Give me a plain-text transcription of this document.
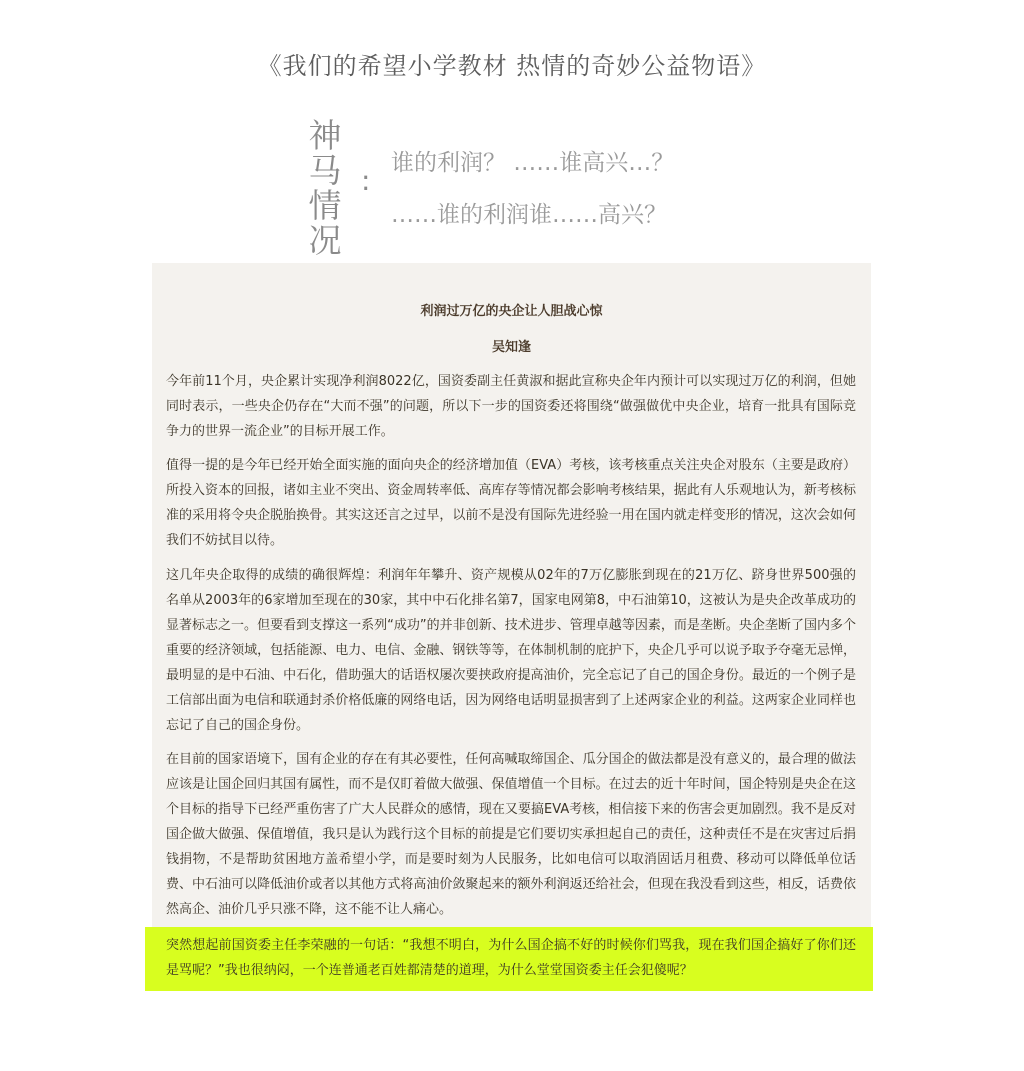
《我们的希望小学教材 热情的奇妙公益物语》
神
马
情
况
:
谁的利润？ ……谁高兴…？
……谁的利润谁……高兴？
利润过万亿的央企让人胆战心惊
吴知逢

今年前11个月，央企累计实现净利润8022亿，国资委副主任黄淑和据此宣称央企年内预计可以实现过万亿的利润，但她同时表示，一些央企仍存在“大而不强”的问题，所以下一步的国资委还将围绕“做强做优中央企业，培育一批具有国际竞争力的世界一流企业”的目标开展工作。

值得一提的是今年已经开始全面实施的面向央企的经济增加值（EVA）考核，该考核重点关注央企对股东（主要是政府）所投入资本的回报，诸如主业不突出、资金周转率低、高库存等情况都会影响考核结果，据此有人乐观地认为，新考核标准的采用将令央企脱胎换骨。其实这还言之过早，以前不是没有国际先进经验一用在国内就走样变形的情况，这次会如何我们不妨拭目以待。

这几年央企取得的成绩的确很辉煌：利润年年攀升、资产规模从02年的7万亿膨胀到现在的21万亿、跻身世界500强的名单从2003年的6家增加至现在的30家，其中中石化排名第7，国家电网第8，中石油第10，这被认为是央企改革成功的显著标志之一。但要看到支撑这一系列“成功”的并非创新、技术进步、管理卓越等因素，而是垄断。央企垄断了国内多个重要的经济领域，包括能源、电力、电信、金融、钢铁等等，在体制机制的庇护下，央企几乎可以说予取予夺毫无忌惮，最明显的是中石油、中石化，借助强大的话语权屡次要挟政府提高油价，完全忘记了自己的国企身份。最近的一个例子是工信部出面为电信和联通封杀价格低廉的网络电话，因为网络电话明显损害到了上述两家企业的利益。这两家企业同样也忘记了自己的国企身份。

在目前的国家语境下，国有企业的存在有其必要性，任何高喊取缔国企、瓜分国企的做法都是没有意义的，最合理的做法应该是让国企回归其国有属性，而不是仅盯着做大做强、保值增值一个目标。在过去的近十年时间，国企特别是央企在这个目标的指导下已经严重伤害了广大人民群众的感情，现在又要搞EVA考核，相信接下来的伤害会更加剧烈。我不是反对国企做大做强、保值增值，我只是认为践行这个目标的前提是它们要切实承担起自己的责任，这种责任不是在灾害过后捐钱捐物，不是帮助贫困地方盖希望小学，而是要时刻为人民服务，比如电信可以取消固话月租费、移动可以降低单位话费、中石油可以降低油价或者以其他方式将高油价敛聚起来的额外利润返还给社会，但现在我没看到这些，相反，话费依然高企、油价几乎只涨不降，这不能不让人痛心。

突然想起前国资委主任李荣融的一句话：“我想不明白，为什么国企搞不好的时候你们骂我，现在我们国企搞好了你们还是骂呢？”我也很纳闷，一个连普通老百姓都清楚的道理，为什么堂堂国资委主任会犯傻呢？
